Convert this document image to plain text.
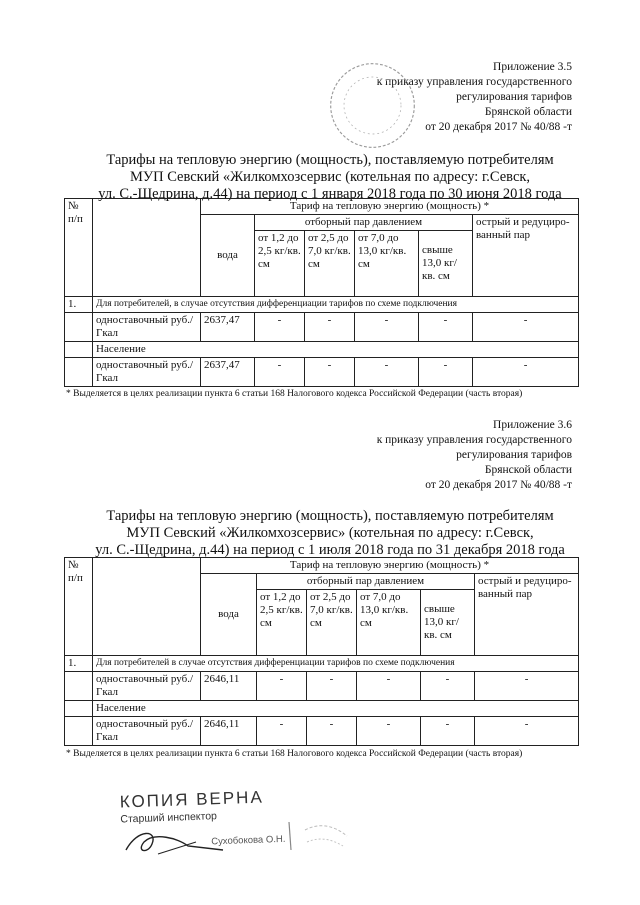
Приложение 3.5
к приказу управления государственного
регулирования тарифов
Брянской области
от 20 декабря 2017 № 40/88 -т
Тарифы на тепловую энергию (мощность), поставляемую потребителям
МУП Севский «Жилкомхозсервис (котельная по адресу: г.Севск,
ул. С.-Щедрина, д.44) на период с 1 января 2018 года по 30 июня 2018 года
№ п/п		Тариф на тепловую энергию (мощность) *					
		вода	отборный пар давлением				острый и редуциро-ванный пар
			от 1,2 до 2,5 кг/кв. см	от 2,5 до 7,0 кг/кв. см	от 7,0 до 13,0 кг/кв. см	свыше 13,0 кг/ кв. см	
1.	Для потребителей, в случае отсутствия дифференциации тарифов по схеме подключения						
	одноставочный руб./Гкал	2637,47	-	-	-	-	-
	Население						
	одноставочный руб./Гкал	2637,47	-	-	-	-	-
* Выделяется в целях реализации пункта 6 статьи 168 Налогового кодекса Российской Федерации (часть вторая)
Приложение 3.6
к приказу управления государственного
регулирования тарифов
Брянской области
от 20 декабря 2017 № 40/88 -т
Тарифы на тепловую энергию (мощность), поставляемую потребителям
МУП Севский «Жилкомхозсервис» (котельная по адресу: г.Севск,
ул. С.-Щедрина, д.44) на период с 1 июля 2018 года по 31 декабря 2018 года
№ п/п		Тариф на тепловую энергию (мощность) *					
		вода	отборный пар давлением				острый и редуциро-ванный пар
			от 1,2 до 2,5 кг/кв. см	от 2,5 до 7,0 кг/кв. см	от 7,0 до 13,0 кг/кв. см	свыше 13,0 кг/ кв. см	
1.	Для потребителей в случае отсутствия дифференциации тарифов по схеме подключения						
	одноставочный руб./Гкал	2646,11	-	-	-	-	-
	Население						
	одноставочный руб./Гкал	2646,11	-	-	-	-	-
* Выделяется в целях реализации пункта 6 статьи 168 Налогового кодекса Российской Федерации (часть вторая)
КОПИЯ ВЕРНА
Старший инспектор
Сухобокова О.Н.
